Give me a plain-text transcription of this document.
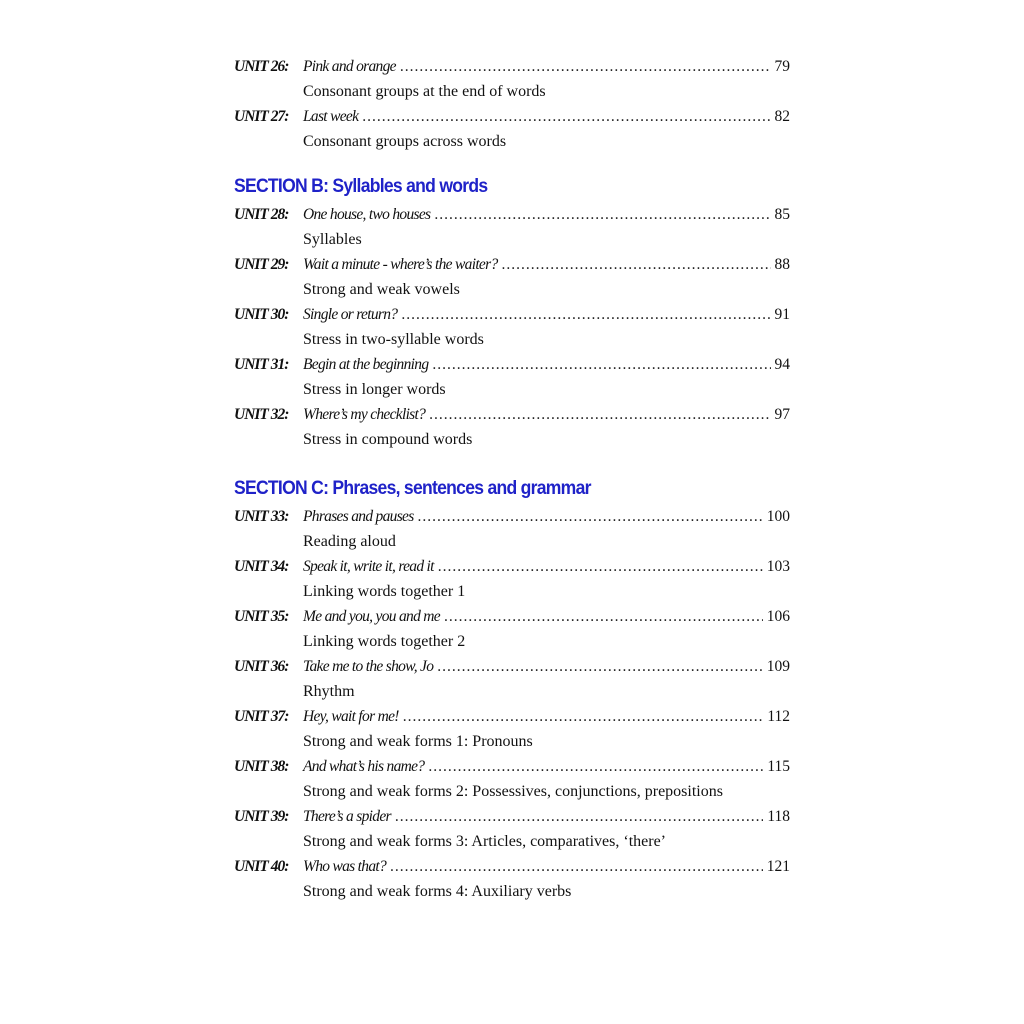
UNIT 26: Pink and orange .....	79
Consonant groups at the end of words
UNIT 27: Last week .....	82
Consonant groups across words
SECTION B: Syllables and words
UNIT 28: One house, two houses .....	85
Syllables
UNIT 29: Wait a minute - where’s the waiter? .....	88
Strong and weak vowels
UNIT 30: Single or return? .....	91
Stress in two-syllable words
UNIT 31: Begin at the beginning .....	94
Stress in longer words
UNIT 32: Where’s my checklist? .....	97
Stress in compound words
SECTION C: Phrases, sentences and grammar
UNIT 33: Phrases and pauses .....	100
Reading aloud
UNIT 34: Speak it, write it, read it .....	103
Linking words together 1
UNIT 35: Me and you, you and me .....	106
Linking words together 2
UNIT 36: Take me to the show, Jo .....	109
Rhythm
UNIT 37: Hey, wait for me! .....	112
Strong and weak forms 1: Pronouns
UNIT 38: And what’s his name? .....	115
Strong and weak forms 2: Possessives, conjunctions, prepositions
UNIT 39: There’s a spider .....	118
Strong and weak forms 3: Articles, comparatives, ‘there’
UNIT 40: Who was that? .....	121
Strong and weak forms 4: Auxiliary verbs
